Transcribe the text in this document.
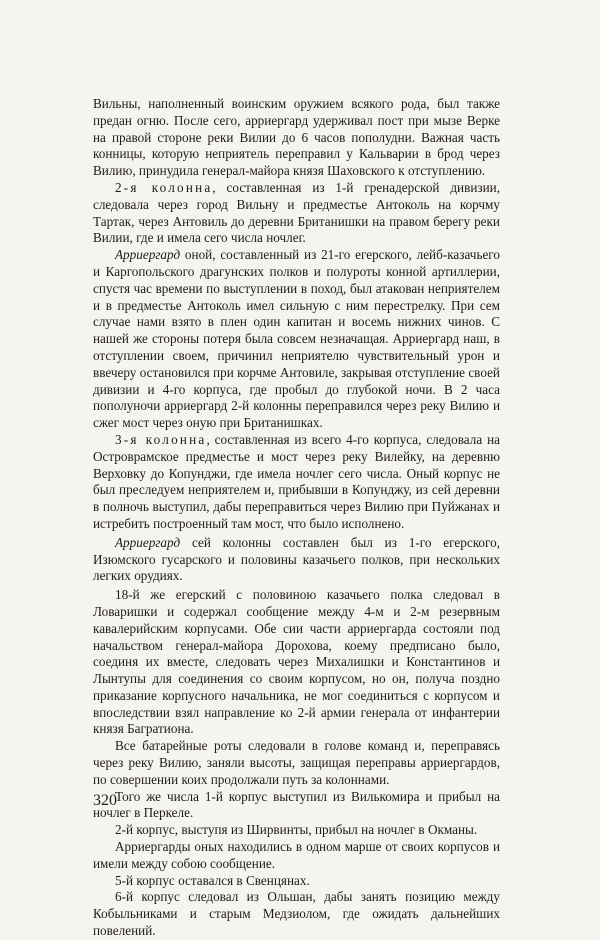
Вильны, наполненный воинским оружием всякого рода, был также предан огню. После сего, арриергард удерживал пост при мызе Верке на правой стороне реки Вилии до 6 часов пополудни. Важная часть конницы, которую неприятель переправил у Кальварии в брод через Вилию, принудила генерал-майора князя Шаховского к отступлению.

2-я колонна, составленная из 1-й гренадерской дивизии, следовала через город Вильну и предместье Антоколь на корчму Тартак, через Антовиль до деревни Британишки на правом берегу реки Вилии, где и имела сего числа ночлег.

Арриергард оной, составленный из 21-го егерского, лейб-казачьего и Каргопольского драгунских полков и полуроты конной артиллерии, спустя час времени по выступлении в поход, был атакован неприятелем и в предместье Антоколь имел сильную с ним перестрелку. При сем случае нами взято в плен один капитан и восемь нижних чинов. С нашей же стороны потеря была совсем незначащая. Арриергард наш, в отступлении своем, причинил неприятелю чувствительный урон и ввечеру остановился при корчме Антовиле, закрывая отступление своей дивизии и 4-го корпуса, где пробыл до глубокой ночи. В 2 часа пополуночи арриергард 2-й колонны переправился через реку Вилию и сжег мост через оную при Британишках.

3-я колонна, составленная из всего 4-го корпуса, следовала на Островрамское предместье и мост через реку Вилейку, на деревню Верховку до Копунджи, где имела ночлег сего числа. Оный корпус не был преследуем неприятелем и, прибывши в Копунджу, из сей деревни в полночь выступил, дабы переправиться через Вилию при Пуйжанах и истребить построенный там мост, что было исполнено.

Арриергард сей колонны составлен был из 1-го егерского, Изюмского гусарского и половины казачьего полков, при нескольких легких орудиях.

18-й же егерский с половиною казачьего полка следовал в Ловаришки и содержал сообщение между 4-м и 2-м резервным кавалерийским корпусами. Обе сии части арриергарда состояли под начальством генерал-майора Дорохова, коему предписано было, соединя их вместе, следовать через Михалишки и Константинов и Лынтупы для соединения со своим корпусом, но он, получа поздно приказание корпусного начальника, не мог соединиться с корпусом и впоследствии взял направление ко 2-й армии генерала от инфантерии князя Багратиона.

Все батарейные роты следовали в голове команд и, переправясь через реку Вилию, заняли высоты, защищая переправы арриергардов, по совершении коих продолжали путь за колоннами.

Того же числа 1-й корпус выступил из Вилькомира и прибыл на ночлег в Перкеле.

2-й корпус, выступя из Ширвинты, прибыл на ночлег в Окманы.

Арриергарды оных находились в одном марше от своих корпусов и имели между собою сообщение.

5-й корпус оставался в Свенцянах.

6-й корпус следовал из Ольшан, дабы занять позицию между Кобыльниками и старым Медзиолом, где ожидать дальнейших повелений.

320
